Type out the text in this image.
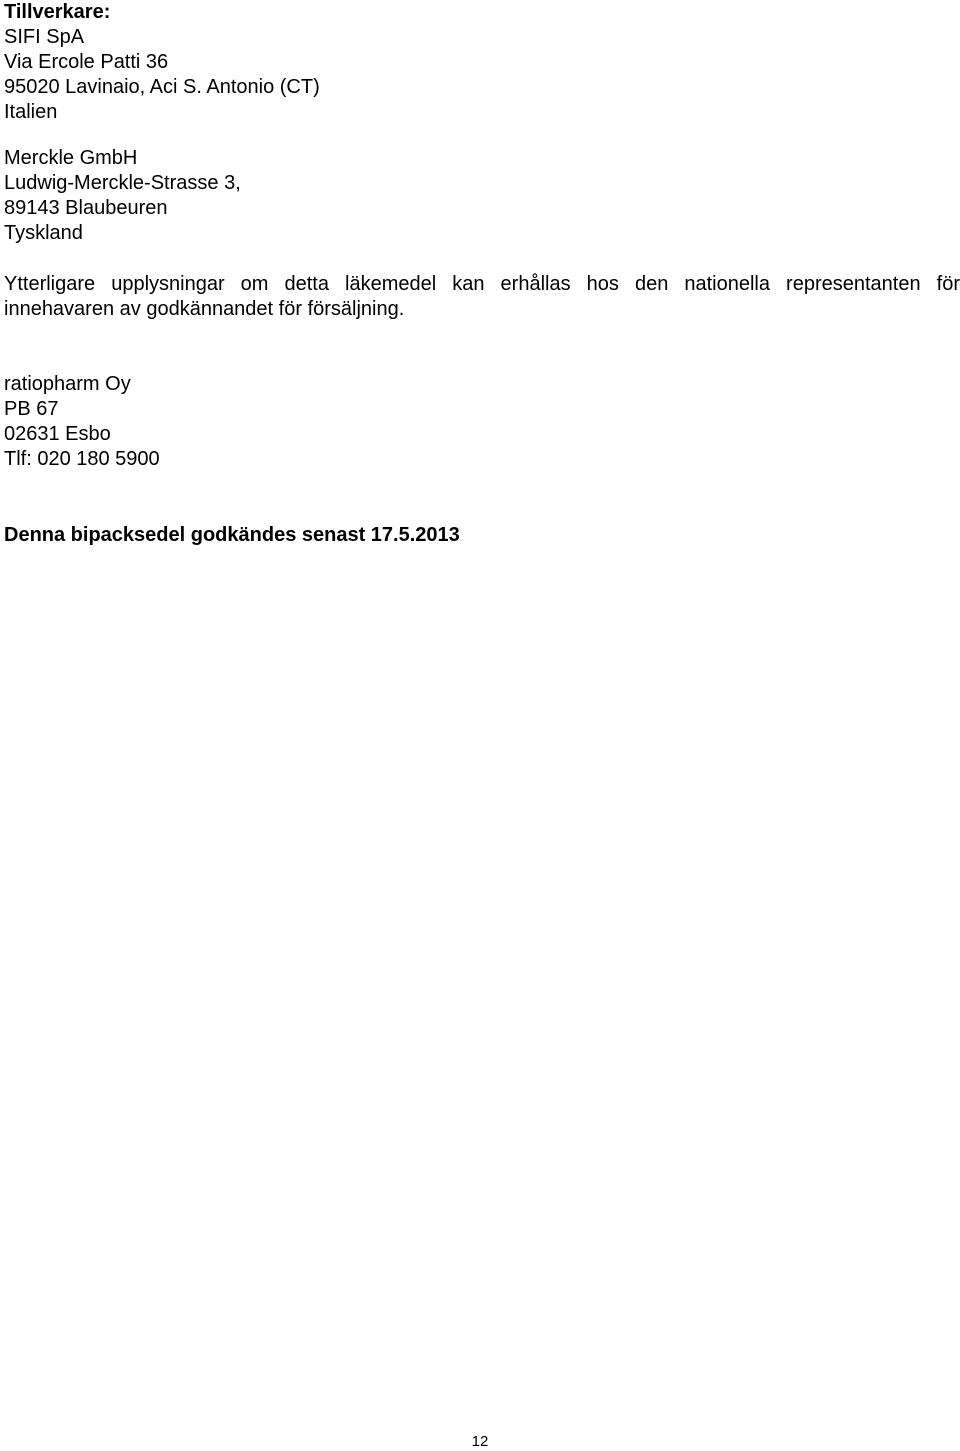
Tillverkare:
SIFI SpA
Via Ercole Patti 36
95020 Lavinaio, Aci S. Antonio (CT)
Italien
Merckle GmbH
Ludwig-Merckle-Strasse 3,
89143 Blaubeuren
Tyskland
Ytterligare upplysningar om detta läkemedel kan erhållas hos den nationella representanten för
innehavaren av godkännandet för försäljning.
ratiopharm Oy
PB 67
02631 Esbo
Tlf: 020 180 5900
Denna bipacksedel godkändes senast 17.5.2013
12
